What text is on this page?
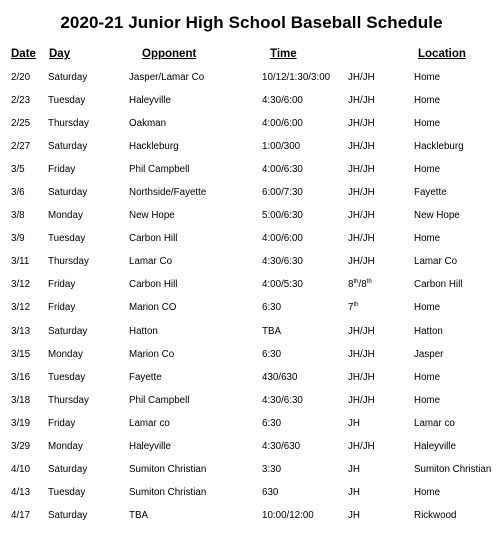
2020-21 Junior High School Baseball Schedule
Date Day	Opponent	Time	Location
2/20 Saturday	Jasper/Lamar Co	10/12/1:30/3:00 JH/JH	Home
2/23 Tuesday	Haleyville	4:30/6:00	JH/JH	Home
2/25 Thursday	Oakman	4:00/6:00	JH/JH	Home
2/27 Saturday	Hackleburg	1:00/300	JH/JH	Hackleburg
3/5 Friday	Phil Campbell	4:00/6:30	JH/JH	Home
3/6 Saturday	Northside/Fayette	6:00/7:30	JH/JH	Fayette
3/8 Monday	New Hope	5:00/6:30	JH/JH	New Hope
3/9 Tuesday	Carbon Hill	4:00/6:00	JH/JH	Home
3/11 Thursday	Lamar Co	4:30/6:30	JH/JH	Lamar Co
3/12 Friday	Carbon Hill	4:00/5:30	8th/8th	Carbon Hill
3/12 Friday	Marion CO	6:30	7th	Home
3/13 Saturday	Hatton	TBA	JH/JH	Hatton
3/15 Monday	Marion Co	6:30	JH/JH	Jasper
3/16 Tuesday	Fayette	430/630	JH/JH	Home
3/18 Thursday	Phil Campbell	4:30/6:30	JH/JH	Home
3/19 Friday	Lamar co	6:30	JH	Lamar co
3/29 Monday	Haleyville	4:30/630	JH/JH	Haleyville
4/10 Saturday	Sumiton Christian	3:30	JH	Sumiton Christian
4/13 Tuesday	Sumiton Christian	630	JH	Home
4/17 Saturday	TBA	10:00/12:00	JH	Rickwood
